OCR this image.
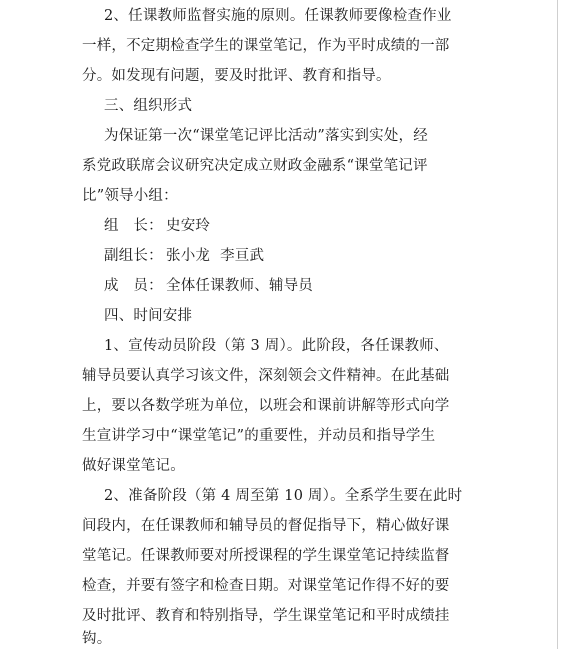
2、任课教师监督实施的原则。任课教师要像检查作业
一样，不定期检查学生的课堂笔记，作为平时成绩的一部
分。如发现有问题，要及时批评、教育和指导。
三、组织形式
为保证第一次“课堂笔记评比活动”落实到实处，经
系党政联席会议研究决定成立财政金融系“课堂笔记评
比”领导小组：
组　长： 史安玲
副组长： 张小龙 李亘武
成　员： 全体任课教师、辅导员
四、时间安排
1、宣传动员阶段（第 3 周）。此阶段，各任课教师、
辅导员要认真学习该文件，深刻领会文件精神。在此基础
上，要以各数学班为单位，以班会和课前讲解等形式向学
生宣讲学习中“课堂笔记”的重要性，并动员和指导学生
做好课堂笔记。
2、准备阶段（第 4 周至第 10 周）。全系学生要在此时
间段内，在任课教师和辅导员的督促指导下，精心做好课
堂笔记。任课教师要对所授课程的学生课堂笔记持续监督
检查，并要有签字和检查日期。对课堂笔记作得不好的要
及时批评、教育和特别指导，学生课堂笔记和平时成绩挂
钩。
